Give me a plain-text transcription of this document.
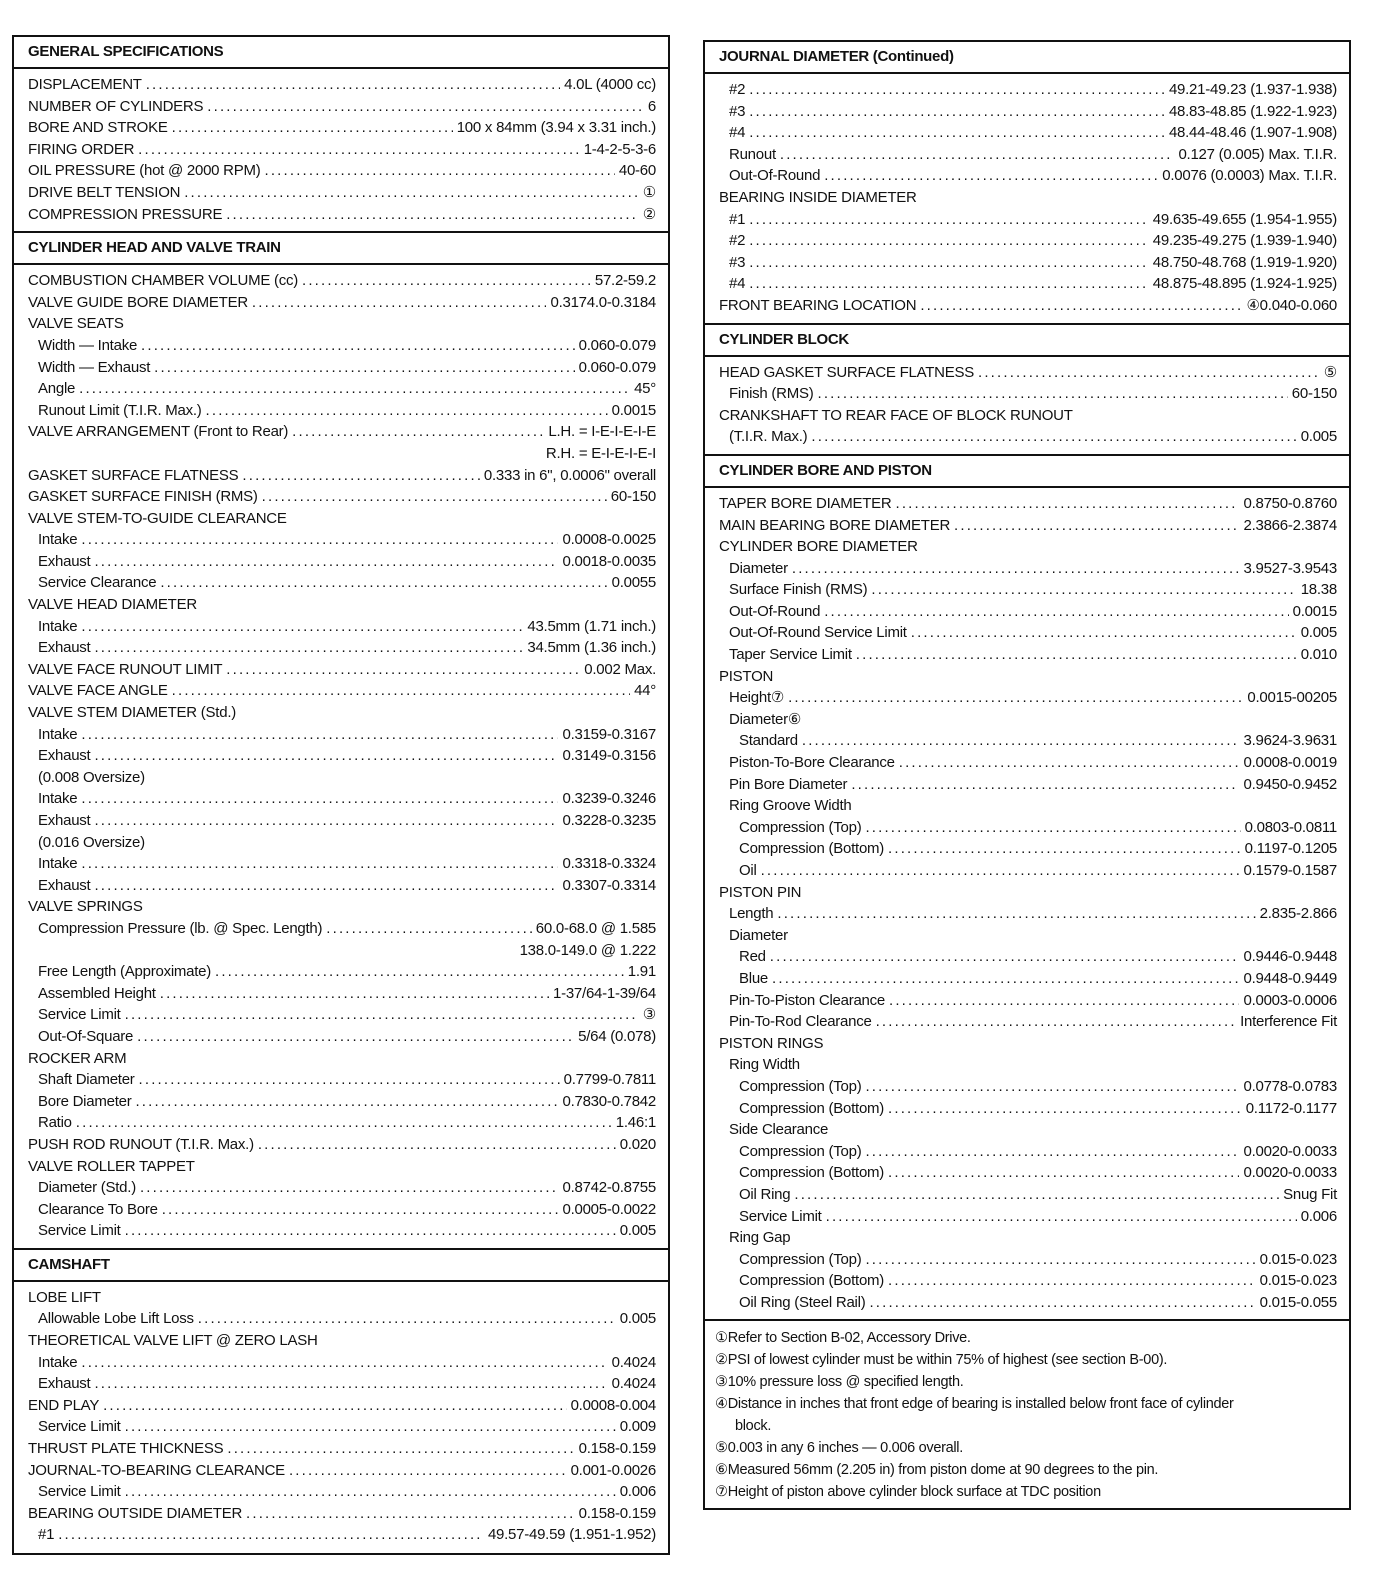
GENERAL SPECIFICATIONS
DISPLACEMENT . . .	4.0L (4000 cc)
NUMBER OF CYLINDERS . . .	6
BORE AND STROKE . . .	100 x 84mm (3.94 x 3.31 inch.)
FIRING ORDER . . .	1-4-2-5-3-6
OIL PRESSURE (hot @ 2000 RPM) . . .	40-60
DRIVE BELT TENSION . . .	①
COMPRESSION PRESSURE . . .	②
CYLINDER HEAD AND VALVE TRAIN
COMBUSTION CHAMBER VOLUME (cc) . . .	57.2-59.2
VALVE GUIDE BORE DIAMETER . . .	0.3174.0-0.3184
VALVE SEATS
Width — Intake . . .	0.060-0.079
Width — Exhaust . . .	0.060-0.079
Angle . . .	45°
Runout Limit (T.I.R. Max.) . . .	0.0015
VALVE ARRANGEMENT (Front to Rear) . . .	L.H. = I-E-I-E-I-E
R.H. = E-I-E-I-E-I
GASKET SURFACE FLATNESS . . .	0.333 in 6", 0.0006" overall
GASKET SURFACE FINISH (RMS) . . .	60-150
VALVE STEM-TO-GUIDE CLEARANCE
Intake . . .	0.0008-0.0025
Exhaust . . .	0.0018-0.0035
Service Clearance . . .	0.0055
VALVE HEAD DIAMETER
Intake . . .	43.5mm (1.71 inch.)
Exhaust . . .	34.5mm (1.36 inch.)
VALVE FACE RUNOUT LIMIT . . .	0.002 Max.
VALVE FACE ANGLE . . .	44°
VALVE STEM DIAMETER (Std.)
Intake . . .	0.3159-0.3167
Exhaust . . .	0.3149-0.3156
(0.008 Oversize)
Intake . . .	0.3239-0.3246
Exhaust . . .	0.3228-0.3235
(0.016 Oversize)
Intake . . .	0.3318-0.3324
Exhaust . . .	0.3307-0.3314
VALVE SPRINGS
Compression Pressure (lb. @ Spec. Length) . . .	60.0-68.0 @ 1.585
138.0-149.0 @ 1.222
Free Length (Approximate) . . .	1.91
Assembled Height . . .	1-37/64-1-39/64
Service Limit . . .	③
Out-Of-Square . . .	5/64 (0.078)
ROCKER ARM
Shaft Diameter . . .	0.7799-0.7811
Bore Diameter . . .	0.7830-0.7842
Ratio . . .	1.46:1
PUSH ROD RUNOUT (T.I.R. Max.) . . .	0.020
VALVE ROLLER TAPPET
Diameter (Std.) . . .	0.8742-0.8755
Clearance To Bore . . .	0.0005-0.0022
Service Limit . . .	0.005
CAMSHAFT
LOBE LIFT
Allowable Lobe Lift Loss . . .	0.005
THEORETICAL VALVE LIFT @ ZERO LASH
Intake . . .	0.4024
Exhaust . . .	0.4024
END PLAY . . .	0.0008-0.004
Service Limit . . .	0.009
THRUST PLATE THICKNESS . . .	0.158-0.159
JOURNAL-TO-BEARING CLEARANCE . . .	0.001-0.0026
Service Limit . . .	0.006
BEARING OUTSIDE DIAMETER . . .	0.158-0.159
#1 . . .	49.57-49.59 (1.951-1.952)
JOURNAL DIAMETER (Continued)
#2 . . .	49.21-49.23 (1.937-1.938)
#3 . . .	48.83-48.85 (1.922-1.923)
#4 . . .	48.44-48.46 (1.907-1.908)
Runout . . .	0.127 (0.005) Max. T.I.R.
Out-Of-Round . . .	0.0076 (0.0003) Max. T.I.R.
BEARING INSIDE DIAMETER
#1 . . .	49.635-49.655 (1.954-1.955)
#2 . . .	49.235-49.275 (1.939-1.940)
#3 . . .	48.750-48.768 (1.919-1.920)
#4 . . .	48.875-48.895 (1.924-1.925)
FRONT BEARING LOCATION . . .	④0.040-0.060
CYLINDER BLOCK
HEAD GASKET SURFACE FLATNESS . . .	⑤
Finish (RMS) . . .	60-150
CRANKSHAFT TO REAR FACE OF BLOCK RUNOUT
(T.I.R. Max.) . . .	0.005
CYLINDER BORE AND PISTON
TAPER BORE DIAMETER . . .	0.8750-0.8760
MAIN BEARING BORE DIAMETER . . .	2.3866-2.3874
CYLINDER BORE DIAMETER
Diameter . . .	3.9527-3.9543
Surface Finish (RMS) . . .	18.38
Out-Of-Round . . .	0.0015
Out-Of-Round Service Limit . . .	0.005
Taper Service Limit . . .	0.010
PISTON
Height⑦ . . .	0.0015-00205
Diameter⑥
Standard . . .	3.9624-3.9631
Piston-To-Bore Clearance . . .	0.0008-0.0019
Pin Bore Diameter . . .	0.9450-0.9452
Ring Groove Width
Compression (Top) . . .	0.0803-0.0811
Compression (Bottom) . . .	0.1197-0.1205
Oil . . .	0.1579-0.1587
PISTON PIN
Length . . .	2.835-2.866
Diameter
Red . . .	0.9446-0.9448
Blue . . .	0.9448-0.9449
Pin-To-Piston Clearance . . .	0.0003-0.0006
Pin-To-Rod Clearance . . .	Interference Fit
PISTON RINGS
Ring Width
Compression (Top) . . .	0.0778-0.0783
Compression (Bottom) . . .	0.1172-0.1177
Side Clearance
Compression (Top) . . .	0.0020-0.0033
Compression (Bottom) . . .	0.0020-0.0033
Oil Ring . . .	Snug Fit
Service Limit . . .	0.006
Ring Gap
Compression (Top) . . .	0.015-0.023
Compression (Bottom) . . .	0.015-0.023
Oil Ring (Steel Rail) . . .	0.015-0.055
①Refer to Section B-02, Accessory Drive.
②PSI of lowest cylinder must be within 75% of highest (see section B-00).
③10% pressure loss @ specified length.
④Distance in inches that front edge of bearing is installed below front face of cylinder
block.
⑤0.003 in any 6 inches — 0.006 overall.
⑥Measured 56mm (2.205 in) from piston dome at 90 degrees to the pin.
⑦Height of piston above cylinder block surface at TDC position
